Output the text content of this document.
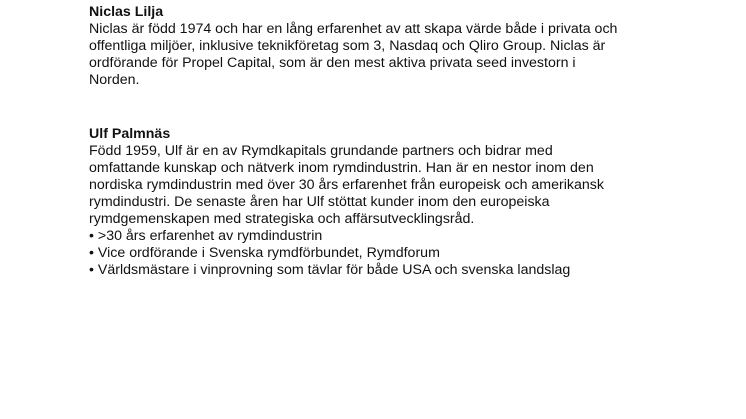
Niclas Lilja

Niclas är född 1974 och har en lång erfarenhet av att skapa värde både i privata och

offentliga miljöer, inklusive teknikföretag som 3, Nasdaq och Qliro Group. Niclas är

ordförande för Propel Capital, som är den mest aktiva privata seed investorn i

Norden.

Ulf Palmnäs

Född 1959, Ulf är en av Rymdkapitals grundande partners och bidrar med

omfattande kunskap och nätverk inom rymdindustrin. Han är en nestor inom den

nordiska rymdindustrin med över 30 års erfarenhet från europeisk och amerikansk

rymdindustri. De senaste åren har Ulf stöttat kunder inom den europeiska

rymdgemenskapen med strategiska och affärsutvecklingsråd.

• >30 års erfarenhet av rymdindustrin

• Vice ordförande i Svenska rymdförbundet, Rymdforum

• Världsmästare i vinprovning som tävlar för både USA och svenska landslag
